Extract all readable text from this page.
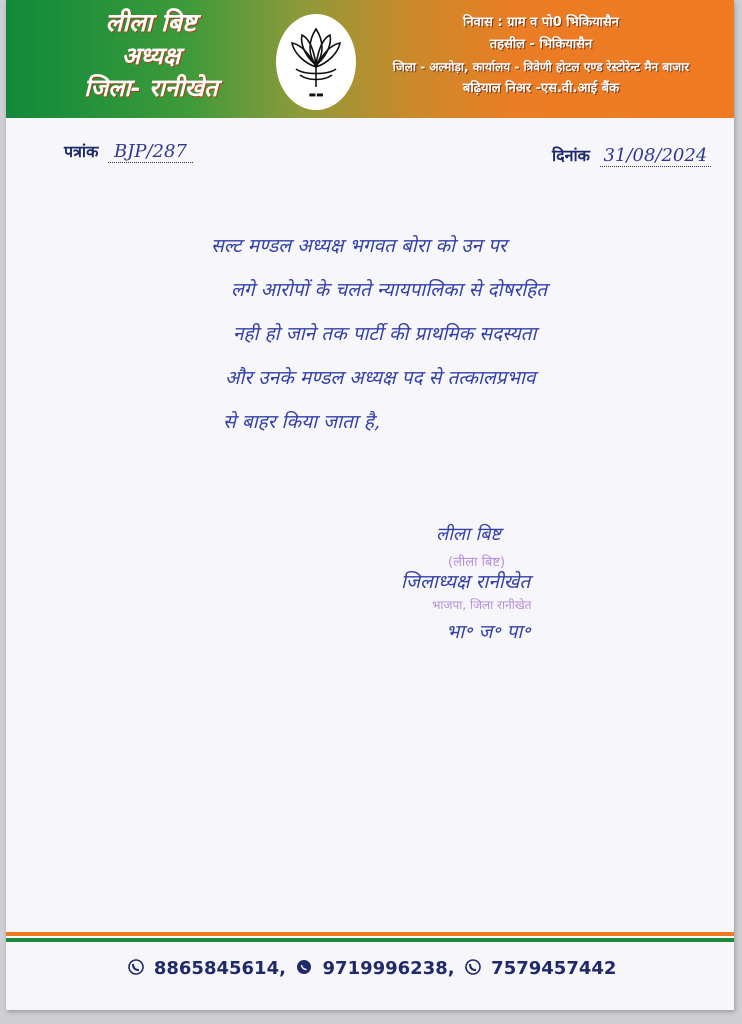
लीला बिष्ट
अध्यक्ष
जिला- रानीखेत	▬▬
निवास : ग्राम व पो0 भिकियासैन
तहसील - भिकियासैन
जिला - अल्मोड़ा, कार्यालय - त्रिवेणी होटल एण्ड रेस्टोरेन्ट मैन बाजार
बढ़ियाल निअर -एस.वी.आई बैंक
पत्रांक BJP/287	दिनांक 31/08/2024
सल्ट मण्डल अध्यक्ष भगवत बोरा को उन पर
लगे आरोपों के चलते न्यायपालिका से दोषरहित
नही हो जाने तक पार्टी की प्राथमिक सदस्यता
और उनके मण्डल अध्यक्ष पद से तत्कालप्रभाव
से बाहर किया जाता है,
(लीला बिष्ट)
भाजपा, जिला रानीखेत
लीला बिष्ट
जिलाध्यक्ष रानीखेत
भा॰ ज॰ पा॰
8865845614, 9719996238, 7579457442
